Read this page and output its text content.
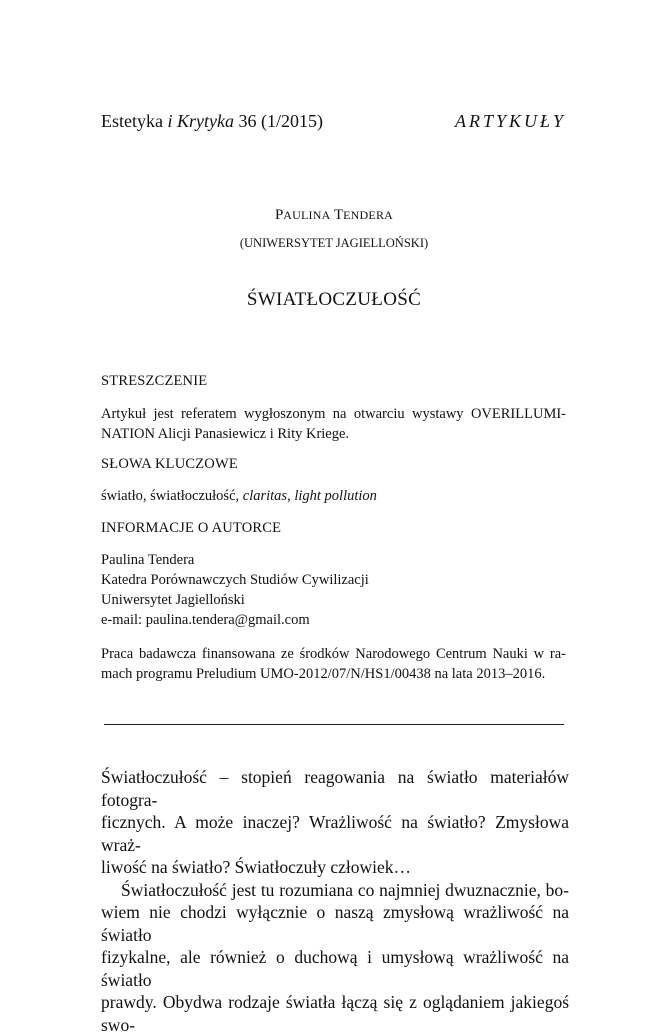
Estetyka i Krytyka 36 (1/2015)	ARTYKUŁY
PAULINA TENDERA
(UNIWERSYTET JAGIELLOŃSKI)
ŚWIATŁOCZUŁOŚĆ
STRESZCZENIE
Artykuł jest referatem wygłoszonym na otwarciu wystawy OVERILLUMI-
NATION Alicji Panasiewicz i Rity Kriege.
SŁOWA KLUCZOWE
światło, światłoczułość, claritas, light pollution
INFORMACJE O AUTORCE
Paulina Tendera
Katedra Porównawczych Studiów Cywilizacji
Uniwersytet Jagielloński
e-mail: paulina.tendera@gmail.com
Praca badawcza finansowana ze środków Narodowego Centrum Nauki w ra-
mach programu Preludium UMO-2012/07/N/HS1/00438 na lata 2013–2016.
Światłoczułość – stopień reagowania na światło materiałów fotogra-
ficznych. A może inaczej? Wrażliwość na światło? Zmysłowa wraż-
liwość na światło? Światłoczuły człowiek…
Światłoczułość jest tu rozumiana co najmniej dwuznacznie, bo-
wiem nie chodzi wyłącznie o naszą zmysłową wrażliwość na światło
fizykalne, ale również o duchową i umysłową wrażliwość na światło
prawdy. Obydwa rodzaje światła łączą się z oglądaniem jakiegoś swo-
